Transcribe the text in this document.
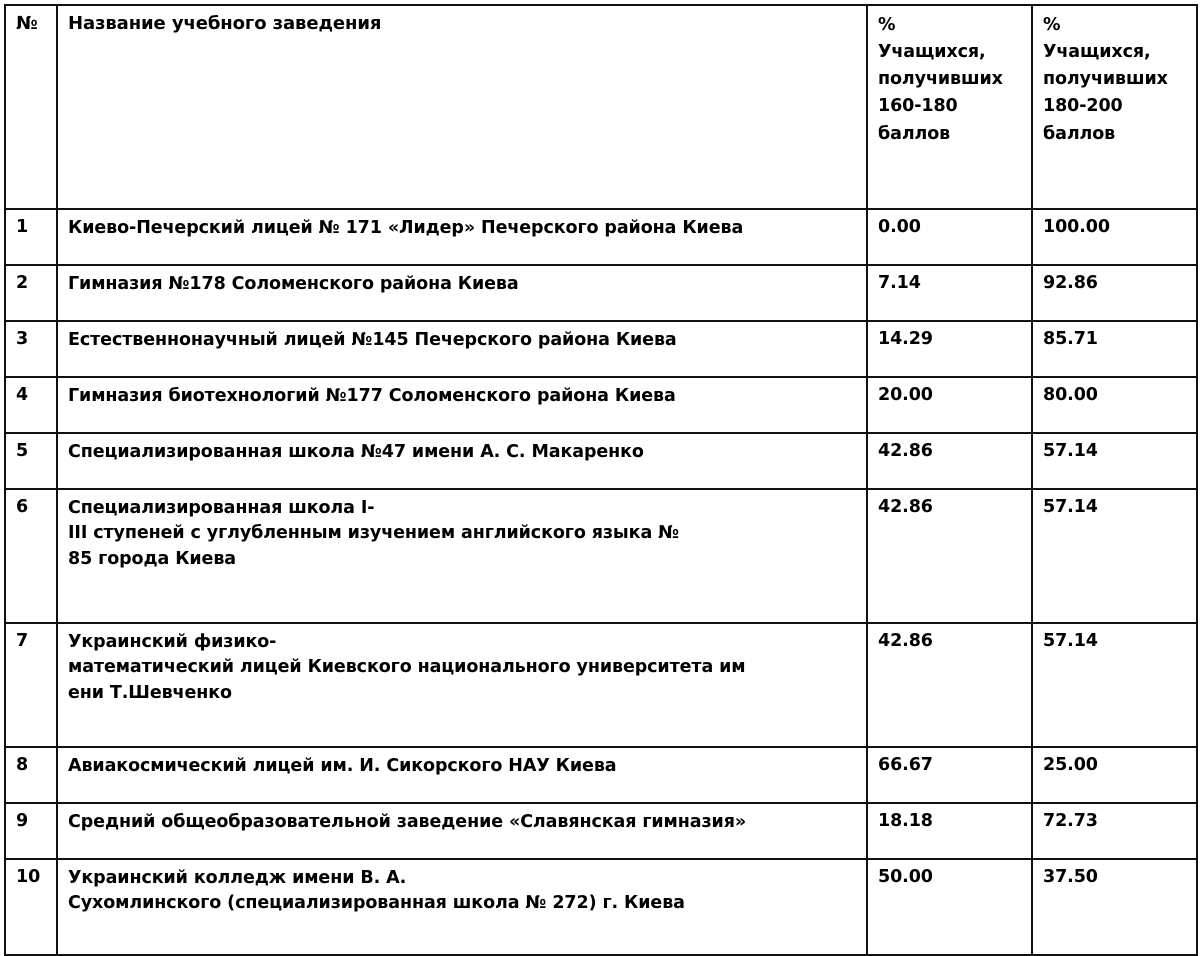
№	Название учебного заведения	%
Учащихся,
получивших
160-180
баллов	%
Учащихся,
получивших
180-200
баллов

1	Киево-Печерский лицей № 171 «Лидер» Печерского района Киева	0.00	100.00
2	Гимназия №178 Соломенского района Киева	7.14	92.86
3	Естественнонаучный лицей №145 Печерского района Киева	14.29	85.71
4	Гимназия биотехнологий №177 Соломенского района Киева	20.00	80.00
5	Специализированная школа №47 имени А. С. Макаренко	42.86	57.14
6	Специализированная школа I-
III ступеней с углубленным изучением английского языка №
85 города Киева	42.86	57.14
7	Украинский физико-
математический лицей Киевского национального универcитета им
ени Т.Шевченко	42.86	57.14
8	Авиакосмический лицей им. И. Сикорского НАУ Киева	66.67	25.00
9	Средний общеобразовательной заведение «Славянская гимназия»	18.18	72.73
10	Украинский колледж имени В. А.
Сухомлинского (специализированная школа № 272) г. Киева	50.00	37.50
